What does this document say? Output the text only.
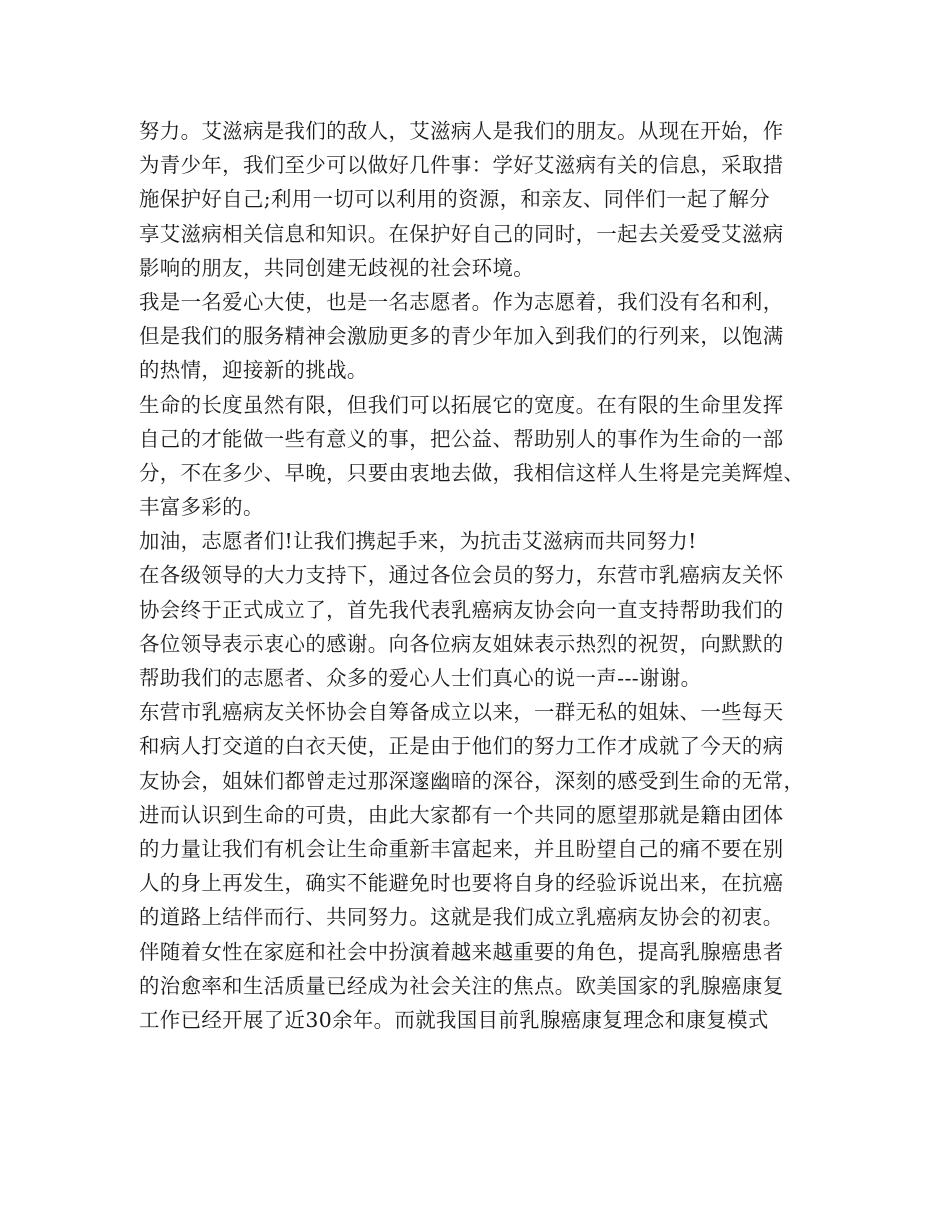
努力。艾滋病是我们的敌人，艾滋病人是我们的朋友。从现在开始，作
为青少年，我们至少可以做好几件事：学好艾滋病有关的信息，采取措
施保护好自己;利用一切可以利用的资源，和亲友、同伴们一起了解分
享艾滋病相关信息和知识。在保护好自己的同时，一起去关爱受艾滋病
影响的朋友，共同创建无歧视的社会环境。
我是一名爱心大使，也是一名志愿者。作为志愿着，我们没有名和利，
但是我们的服务精神会激励更多的青少年加入到我们的行列来，以饱满
的热情，迎接新的挑战。
生命的长度虽然有限，但我们可以拓展它的宽度。在有限的生命里发挥
自己的才能做一些有意义的事，把公益、帮助别人的事作为生命的一部
分，不在多少、早晚，只要由衷地去做，我相信这样人生将是完美辉煌、
丰富多彩的。
加油，志愿者们!让我们携起手来，为抗击艾滋病而共同努力!
在各级领导的大力支持下，通过各位会员的努力，东营市乳癌病友关怀
协会终于正式成立了，首先我代表乳癌病友协会向一直支持帮助我们的
各位领导表示衷心的感谢。向各位病友姐妹表示热烈的祝贺，向默默的
帮助我们的志愿者、众多的爱心人士们真心的说一声---谢谢。
东营市乳癌病友关怀协会自筹备成立以来，一群无私的姐妹、一些每天
和病人打交道的白衣天使，正是由于他们的努力工作才成就了今天的病
友协会，姐妹们都曾走过那深邃幽暗的深谷，深刻的感受到生命的无常，
进而认识到生命的可贵，由此大家都有一个共同的愿望那就是籍由团体
的力量让我们有机会让生命重新丰富起来，并且盼望自己的痛不要在别
人的身上再发生，确实不能避免时也要将自身的经验诉说出来，在抗癌
的道路上结伴而行、共同努力。这就是我们成立乳癌病友协会的初衷。
伴随着女性在家庭和社会中扮演着越来越重要的角色，提高乳腺癌患者
的治愈率和生活质量已经成为社会关注的焦点。欧美国家的乳腺癌康复
工作已经开展了近30余年。而就我国目前乳腺癌康复理念和康复模式
